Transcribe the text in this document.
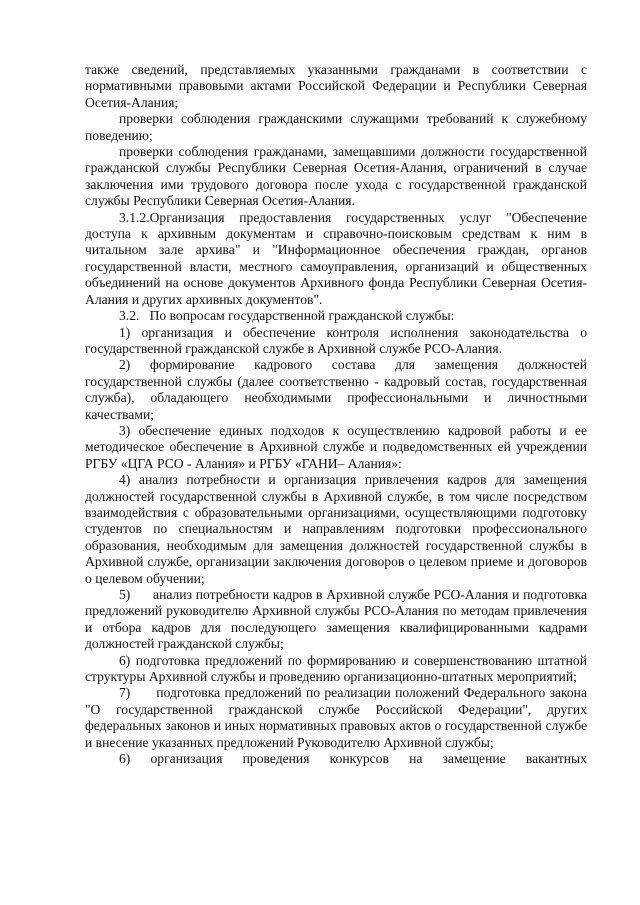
также сведений, представляемых указанными гражданами в соответствии с нормативными правовыми актами Российской Федерации и Республики Северная Осетия-Алания;

проверки соблюдения гражданскими служащими требований к служебному поведению;

проверки соблюдения гражданами, замещавшими должности государственной гражданской службы Республики Северная Осетия-Алания, ограничений в случае заключения ими трудового договора после ухода с государственной гражданской службы Республики Северная Осетия-Алания.

3.1.2.Организация предоставления государственных услуг "Обеспечение доступа к архивным документам и справочно-поисковым средствам к ним в читальном зале архива" и "Информационное обеспечения граждан, органов государственной власти, местного самоуправления, организаций и общественных объединений на основе документов Архивного фонда Республики Северная Осетия-Алания и других архивных документов".

3.2.   По вопросам государственной гражданской службы:

1) организация и обеспечение контроля исполнения законодательства о государственной гражданской службе в Архивной службе РСО-Алания.

2) формирование кадрового состава для замещения должностей государственной службы (далее соответственно - кадровый состав, государственная служба), обладающего необходимыми профессиональными и личностными качествами;

3) обеспечение единых подходов к осуществлению кадровой работы и ее методическое обеспечение в Архивной службе и подведомственных ей учреждении РГБУ «ЦГА РСО - Алания» и РГБУ «ГАНИ– Алания»:

4) анализ потребности и организация привлечения кадров для замещения должностей государственной службы в Архивной службе, в том числе посредством взаимодействия с образовательными организациями, осуществляющими подготовку студентов по специальностям и направлениям подготовки профессионального образования, необходимым для замещения должностей государственной службы в Архивной службе, организации заключения договоров о целевом приеме и договоров о целевом обучении;

5)      анализ потребности кадров в Архивной службе РСО-Алания и подготовка предложений руководителю Архивной службы РСО-Алания по методам привлечения и отбора кадров для последующего замещения квалифицированными кадрами должностей гражданской службы;

6) подготовка предложений по формированию и совершенствованию штатной структуры Архивной службы и проведению организационно-штатных мероприятий;

7)      подготовка предложений по реализации положений Федерального закона "О государственной гражданской службе Российской Федерации", других федеральных законов и иных нормативных правовых актов о государственной службе и внесение указанных предложений Руководителю Архивной службы;

6) организация проведения конкурсов на замещение вакантных
